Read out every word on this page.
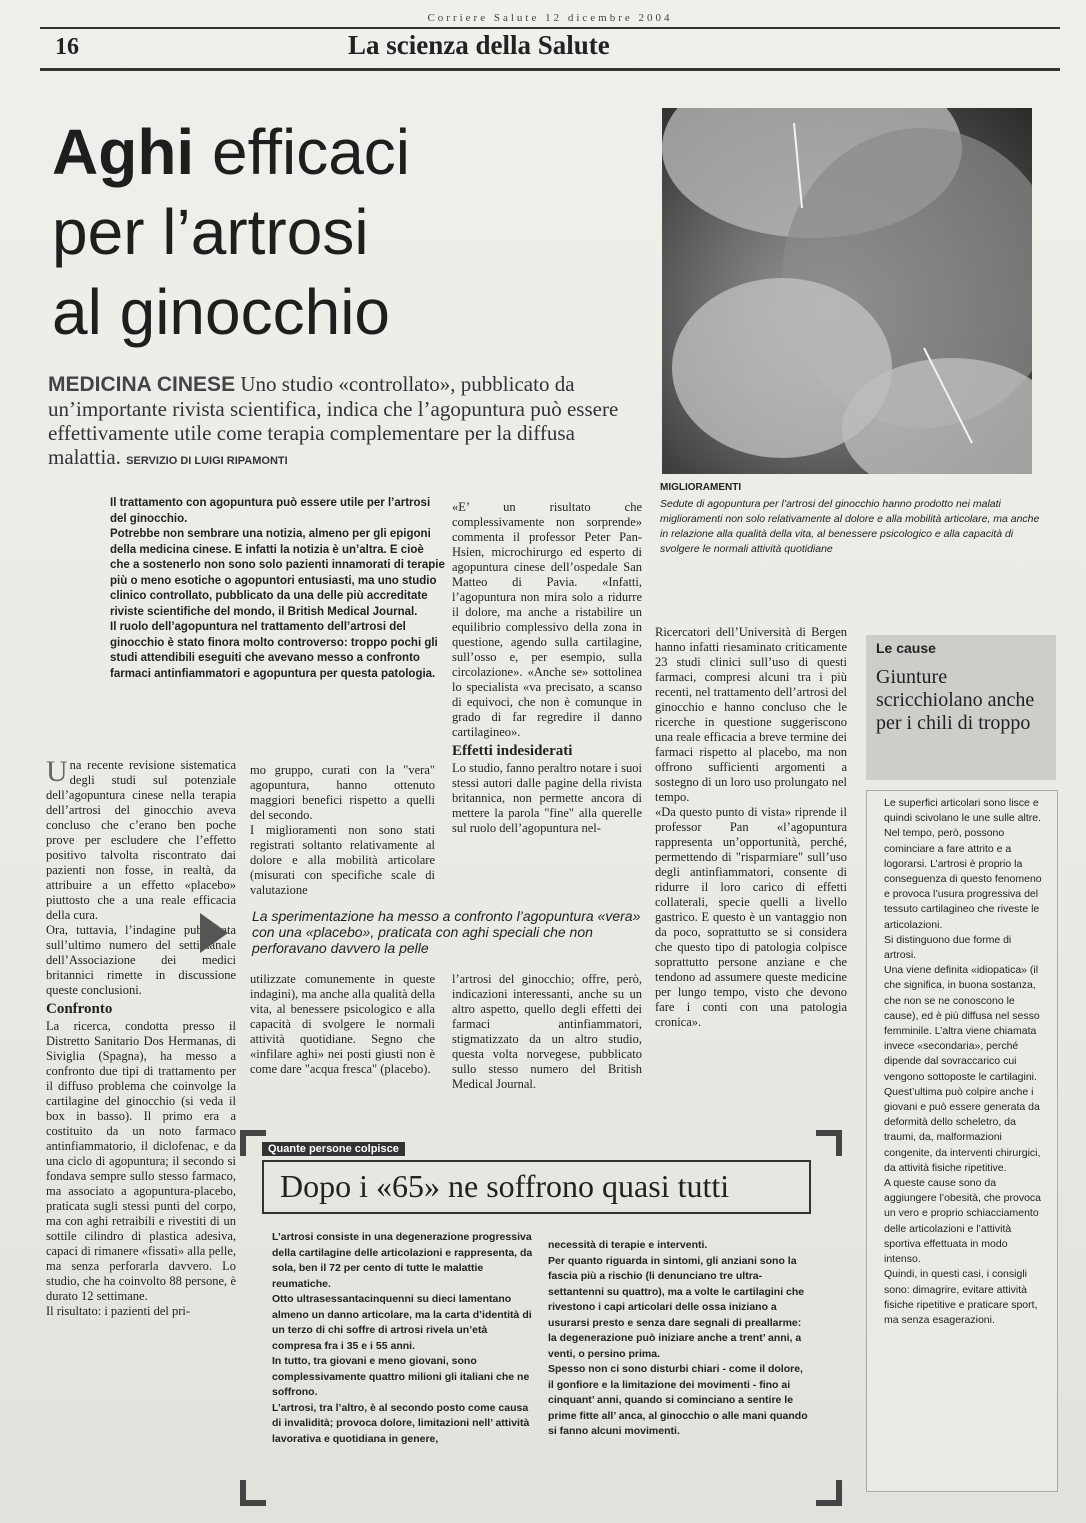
Corriere Salute 12 dicembre 2004
16	La scienza della Salute
Aghi efficaci
per l’artrosi
al ginocchio
MIGLIORAMENTI
Sedute di agopuntura per l’artrosi del ginocchio hanno prodotto nei malati miglioramenti non solo relativamente al dolore e alla mobilità articolare, ma anche in relazione alla qualità della vita, al benessere psicologico e alla capacità di svolgere le normali attività quotidiane
MEDICINA CINESE Uno studio «controllato», pubblicato da un’importante rivista scientifica, indica che l’agopuntura può essere effettivamente utile come terapia complementare per la diffusa malattia. SERVIZIO DI LUIGI RIPAMONTI

Il trattamento con agopuntura può essere utile per l’artrosi del ginocchio.

Potrebbe non sembrare una notizia, almeno per gli epigoni della medicina cinese. E infatti la notizia è un’altra. E cioè che a sostenerlo non sono solo pazienti innamorati di terapie più o meno esotiche o agopuntori entusiasti, ma uno studio clinico controllato, pubblicato da una delle più accreditate riviste scientifiche del mondo, il British Medical Journal.

Il ruolo dell’agopuntura nel trattamento dell’artrosi del ginocchio è stato finora molto controverso: troppo pochi gli studi attendibili eseguiti che avevano messo a confronto farmaci antinfiammatori e agopuntura per questa patologia.

Una recente revisione sistematica degli studi sul potenziale dell’agopuntura cinese nella terapia dell’artrosi del ginocchio aveva concluso che c’erano ben poche prove per escludere che l’effetto positivo talvolta riscontrato dai pazienti non fosse, in realtà, da attribuire a un effetto «placebo» piuttosto che a una reale efficacia della cura.

Ora, tuttavia, l’indagine pubblicata sull’ultimo numero del settimanale dell’Associazione dei medici britannici rimette in discussione queste conclusioni.

Confronto

La ricerca, condotta presso il Distretto Sanitario Dos Hermanas, di Siviglia (Spagna), ha messo a confronto due tipi di trattamento per il diffuso problema che coinvolge la cartilagine del ginocchio (si veda il box in basso). Il primo era a costituito da un noto farmaco antinfiammatorio, il diclofenac, e da una ciclo di agopuntura; il secondo si fondava sempre sullo stesso farmaco, ma associato a agopuntura-placebo, praticata sugli stessi punti del corpo, ma con aghi retraibili e rivestiti di un sottile cilindro di plastica adesiva, capaci di rimanere «fissati» alla pelle, ma senza perforarla davvero. Lo studio, che ha coinvolto 88 persone, è durato 12 settimane.

Il risultato: i pazienti del pri-

mo gruppo, curati con la "vera" agopuntura, hanno ottenuto maggiori benefici rispetto a quelli del secondo.

I miglioramenti non sono stati registrati soltanto relativamente al dolore e alla mobilità articolare (misurati con specifiche scale di valutazione

utilizzate comunemente in queste indagini), ma anche alla qualità della vita, al benessere psicologico e alla capacità di svolgere le normali attività quotidiane. Segno che «infilare aghi» nei posti giusti non è come dare "acqua fresca" (placebo).

«E’ un risultato che complessivamente non sorprende» commenta il professor Peter Pan-Hsien, microchirurgo ed esperto di agopuntura cinese dell’ospedale San Matteo di Pavia. «Infatti, l’agopuntura non mira solo a ridurre il dolore, ma anche a ristabilire un equilibrio complessivo della zona in questione, agendo sulla cartilagine, sull’osso e, per esempio, sulla circolazione». «Anche se» sottolinea lo specialista «va precisato, a scanso di equivoci, che non è comunque in grado di far regredire il danno cartilagineo».

Effetti indesiderati

Lo studio, fanno peraltro notare i suoi stessi autori dalle pagine della rivista britannica, non permette ancora di mettere la parola "fine" alla querelle sul ruolo dell’agopuntura nel-

l’artrosi del ginocchio; offre, però, indicazioni interessanti, anche su un altro aspetto, quello degli effetti dei farmaci antinfiammatori, stigmatizzato da un altro studio, questa volta norvegese, pubblicato sullo stesso numero del British Medical Journal.

Ricercatori dell’Università di Bergen hanno infatti riesaminato criticamente 23 studi clinici sull’uso di questi farmaci, compresi alcuni tra i più recenti, nel trattamento dell’artrosi del ginocchio e hanno concluso che le ricerche in questione suggeriscono una reale efficacia a breve termine dei farmaci rispetto al placebo, ma non offrono sufficienti argomenti a sostegno di un loro uso prolungato nel tempo.

«Da questo punto di vista» riprende il professor Pan «l’agopuntura rappresenta un’opportunità, perché, permettendo di "risparmiare" sull’uso degli antinfiammatori, consente di ridurre il loro carico di effetti collaterali, specie quelli a livello gastrico. E questo è un vantaggio non da poco, soprattutto se si considera che questo tipo di patologia colpisce soprattutto persone anziane e che tendono ad assumere queste medicine per lungo tempo, visto che devono fare i conti con una patologia cronica».

La sperimentazione ha messo a confronto l’agopuntura «vera» con una «placebo», praticata con aghi speciali che non perforavano davvero la pelle
Le cause
Giunture scricchiolano anche per i chili di troppo
Le superfici articolari sono lisce e quindi scivolano le une sulle altre. Nel tempo, però, possono cominciare a fare attrito e a logorarsi. L’artrosi è proprio la conseguenza di questo fenomeno e provoca l’usura progressiva del tessuto cartilagineo che riveste le articolazioni.
Si distinguono due forme di artrosi.
Una viene definita «idiopatica» (il che significa, in buona sostanza, che non se ne conoscono le cause), ed è più diffusa nel sesso femminile. L’altra viene chiamata invece «secondaria», perché dipende dal sovraccarico cui vengono sottoposte le cartilagini.
Quest’ultima può colpire anche i giovani e può essere generata da deformità dello scheletro, da traumi, da, malformazioni congenite, da interventi chirurgici, da attività fisiche ripetitive.
A queste cause sono da aggiungere l’obesità, che provoca un vero e proprio schiacciamento delle articolazioni e l’attività sportiva effettuata in modo intenso.
Quindi, in questi casi, i consigli sono: dimagrire, evitare attività fisiche ripetitive e praticare sport, ma senza esagerazioni.
Quante persone colpisce
Dopo i «65» ne soffrono quasi tutti

L’artrosi consiste in una degenerazione progressiva della cartilagine delle articolazioni e rappresenta, da sola, ben il 72 per cento di tutte le malattie reumatiche.

Otto ultrasessantacinquenni su dieci lamentano almeno un danno articolare, ma la carta d’identità di un terzo di chi soffre di artrosi rivela un’età compresa fra i 35 e i 55 anni.

In tutto, tra giovani e meno giovani, sono complessivamente quattro milioni gli italiani che ne soffrono.

L’artrosi, tra l’altro, è al secondo posto come causa di invalidità; provoca dolore, limitazioni nell’ attività lavorativa e quotidiana in genere,

necessità di terapie e interventi.

Per quanto riguarda in sintomi, gli anziani sono la fascia più a rischio (li denunciano tre ultra-settantenni su quattro), ma a volte le cartilagini che rivestono i capi articolari delle ossa iniziano a usurarsi presto e senza dare segnali di preallarme: la degenerazione può iniziare anche a trent’ anni, a venti, o persino prima.

Spesso non ci sono disturbi chiari - come il dolore, il gonfiore e la limitazione dei movimenti - fino ai cinquant’ anni, quando si cominciano a sentire le prime fitte all’ anca, al ginocchio o alle mani quando si fanno alcuni movimenti.
